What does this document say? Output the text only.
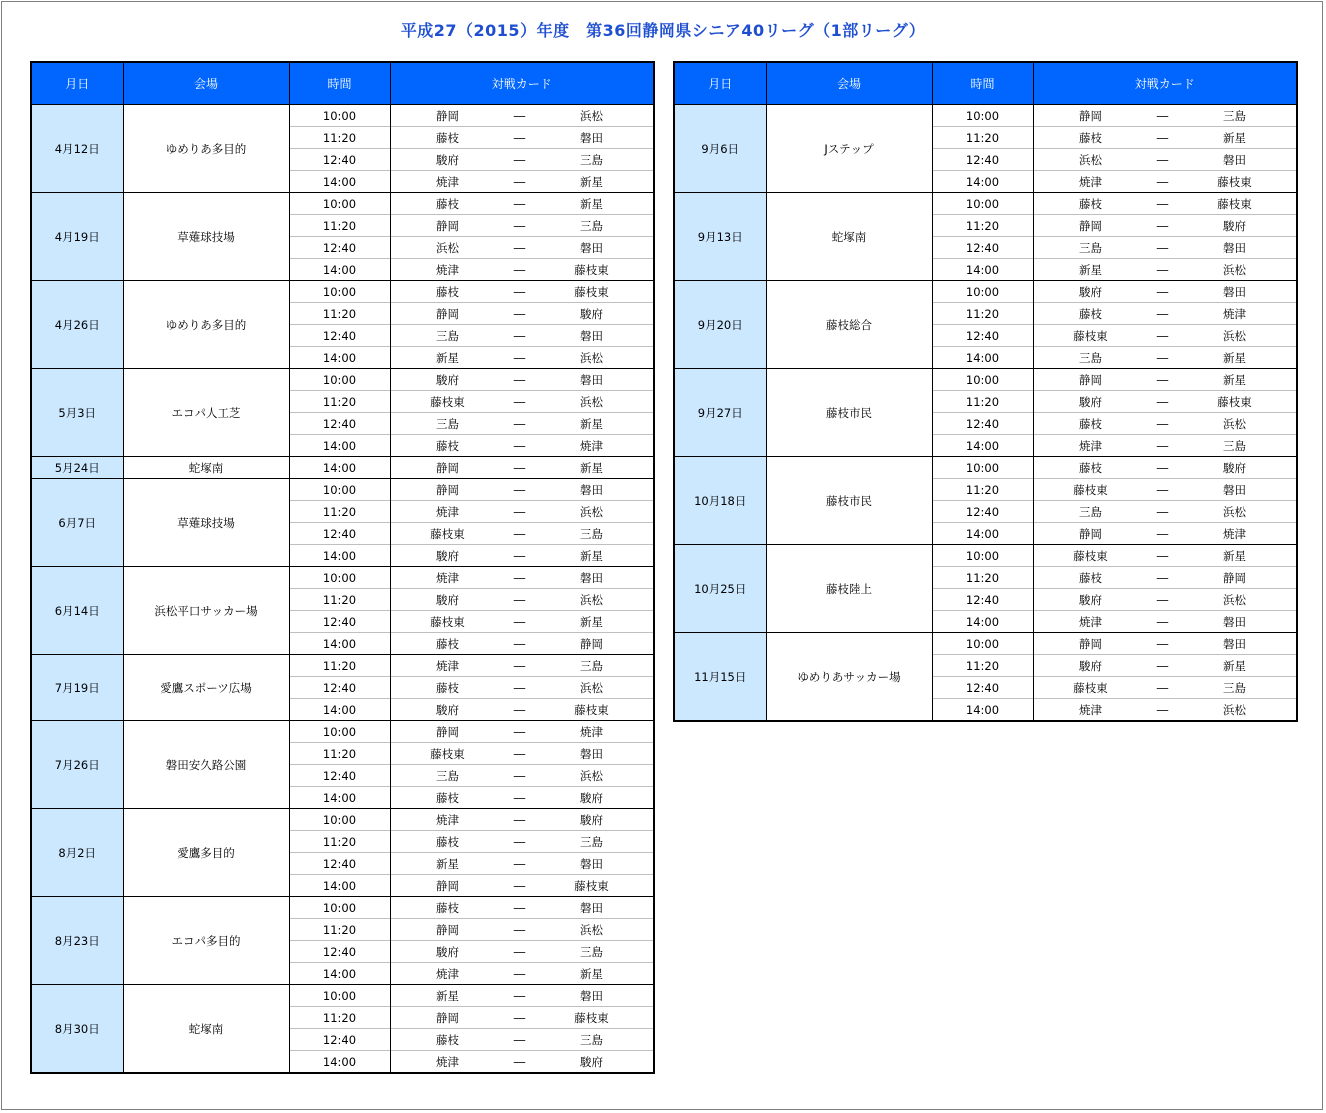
平成27（2015）年度　第36回静岡県シニア40リーグ（1部リーグ）
月日	会場	時間	対戦カード
4月12日	ゆめりあ多目的	10:00	静岡 ― 浜松

		11:20	藤枝 ― 磐田

		12:40	駿府 ― 三島

		14:00	焼津 ― 新星

4月19日	草薙球技場	10:00	藤枝 ― 新星

		11:20	静岡 ― 三島

		12:40	浜松 ― 磐田

		14:00	焼津 ― 藤枝東

4月26日	ゆめりあ多目的	10:00	藤枝 ― 藤枝東

		11:20	静岡 ― 駿府

		12:40	三島 ― 磐田

		14:00	新星 ― 浜松

5月3日	エコパ人工芝	10:00	駿府 ― 磐田

		11:20	藤枝東 ― 浜松

		12:40	三島 ― 新星

		14:00	藤枝 ― 焼津

5月24日	蛇塚南	14:00	静岡 ― 新星

6月7日	草薙球技場	10:00	静岡 ― 磐田

		11:20	焼津 ― 浜松

		12:40	藤枝東 ― 三島

		14:00	駿府 ― 新星

6月14日	浜松平口サッカー場	10:00	焼津 ― 磐田

		11:20	駿府 ― 浜松

		12:40	藤枝東 ― 新星

		14:00	藤枝 ― 静岡

7月19日	愛鷹スポーツ広場	11:20	焼津 ― 三島

		12:40	藤枝 ― 浜松

		14:00	駿府 ― 藤枝東

7月26日	磐田安久路公園	10:00	静岡 ― 焼津

		11:20	藤枝東 ― 磐田

		12:40	三島 ― 浜松

		14:00	藤枝 ― 駿府

8月2日	愛鷹多目的	10:00	焼津 ― 駿府

		11:20	藤枝 ― 三島

		12:40	新星 ― 磐田

		14:00	静岡 ― 藤枝東

8月23日	エコパ多目的	10:00	藤枝 ― 磐田

		11:20	静岡 ― 浜松

		12:40	駿府 ― 三島

		14:00	焼津 ― 新星

8月30日	蛇塚南	10:00	新星 ― 磐田

		11:20	静岡 ― 藤枝東

		12:40	藤枝 ― 三島

		14:00	焼津 ― 駿府
月日	会場	時間	対戦カード
9月6日	Jステップ	10:00	静岡 ― 三島

		11:20	藤枝 ― 新星

		12:40	浜松 ― 磐田

		14:00	焼津 ― 藤枝東

9月13日	蛇塚南	10:00	藤枝 ― 藤枝東

		11:20	静岡 ― 駿府

		12:40	三島 ― 磐田

		14:00	新星 ― 浜松

9月20日	藤枝総合	10:00	駿府 ― 磐田

		11:20	藤枝 ― 焼津

		12:40	藤枝東 ― 浜松

		14:00	三島 ― 新星

9月27日	藤枝市民	10:00	静岡 ― 新星

		11:20	駿府 ― 藤枝東

		12:40	藤枝 ― 浜松

		14:00	焼津 ― 三島

10月18日	藤枝市民	10:00	藤枝 ― 駿府

		11:20	藤枝東 ― 磐田

		12:40	三島 ― 浜松

		14:00	静岡 ― 焼津

10月25日	藤枝陸上	10:00	藤枝東 ― 新星

		11:20	藤枝 ― 静岡

		12:40	駿府 ― 浜松

		14:00	焼津 ― 磐田

11月15日	ゆめりあサッカー場	10:00	静岡 ― 磐田

		11:20	駿府 ― 新星

		12:40	藤枝東 ― 三島

		14:00	焼津 ― 浜松
